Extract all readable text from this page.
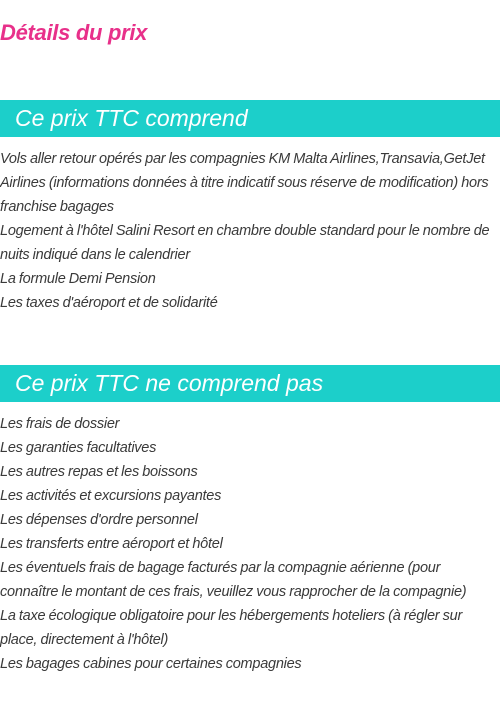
Détails du prix
Ce prix TTC comprend
Vols aller retour opérés par les compagnies KM Malta Airlines,Transavia,GetJet Airlines (informations données à titre indicatif sous réserve de modification) hors franchise bagages
Logement à l'hôtel Salini Resort en chambre double standard pour le nombre de nuits indiqué dans le calendrier
La formule Demi Pension
Les taxes d'aéroport et de solidarité
Ce prix TTC ne comprend pas
Les frais de dossier
Les garanties facultatives
Les autres repas et les boissons
Les activités et excursions payantes
Les dépenses d'ordre personnel
Les transferts entre aéroport et hôtel
Les éventuels frais de bagage facturés par la compagnie aérienne (pour connaître le montant de ces frais, veuillez vous rapprocher de la compagnie)
La taxe écologique obligatoire pour les hébergements hoteliers (à régler sur place, directement à l'hôtel)
Les bagages cabines pour certaines compagnies
